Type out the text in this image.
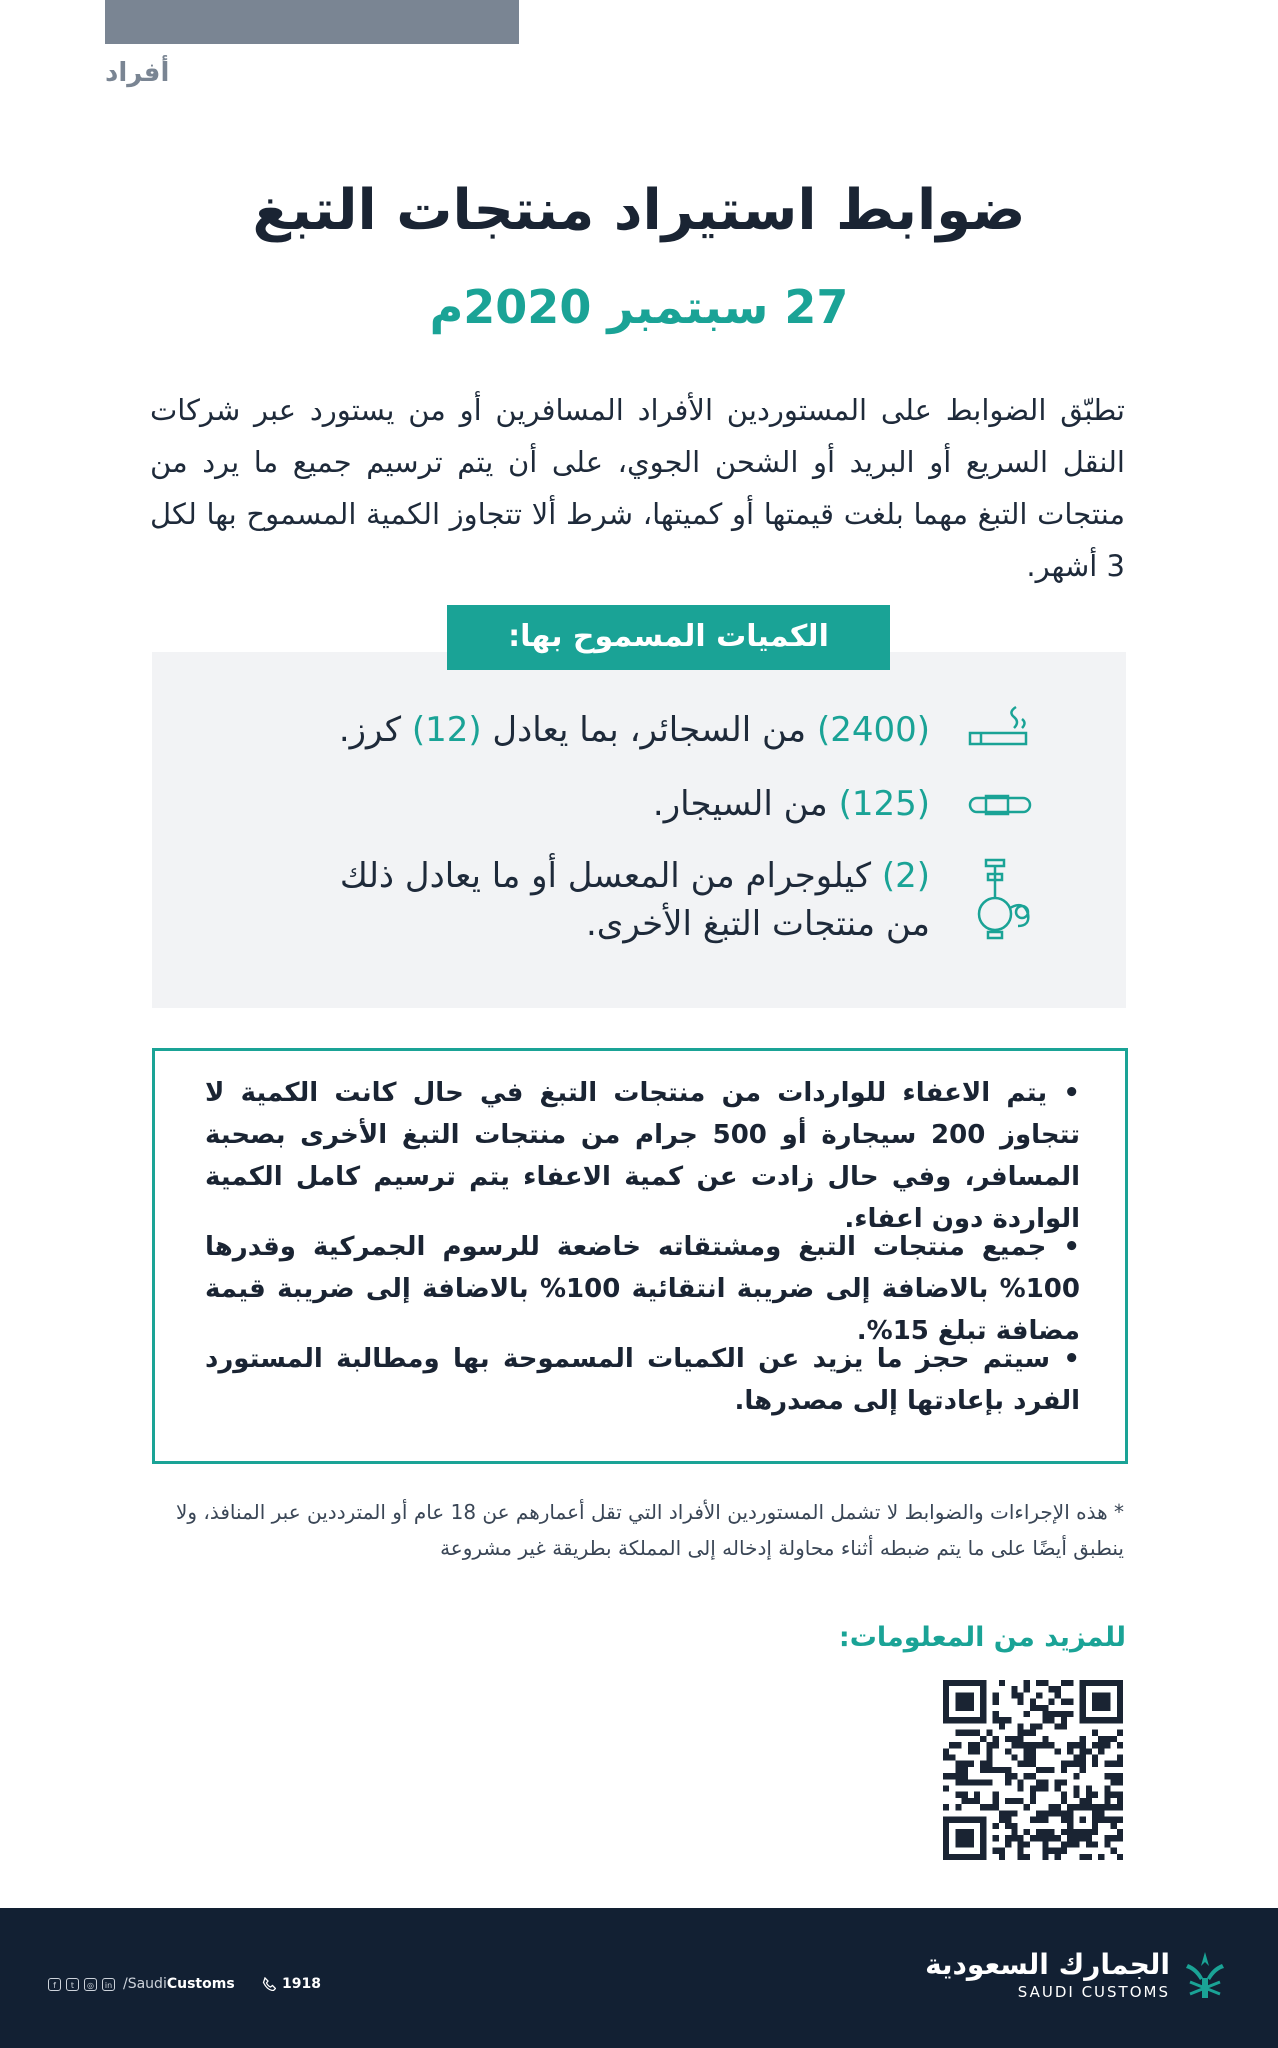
أفراد
ضوابط استيراد منتجات التبغ
27 سبتمبر 2020م
تطبّق الضوابط على المستوردين الأفراد المسافرين أو من يستورد عبر شركات النقل السريع أو البريد أو الشحن الجوي، على أن يتم ترسيم جميع ما يرد من منتجات التبغ مهما بلغت قيمتها أو كميتها، شرط ألا تتجاوز الكمية المسموح بها لكل 3 أشهر.
الكميات المسموح بها:
(2400) من السجائر، بما يعادل (12) كرز.
(125) من السيجار.
(2) كيلوجرام من المعسل أو ما يعادل ذلك من منتجات التبغ الأخرى.
• يتم الاعفاء للواردات من منتجات التبغ في حال كانت الكمية لا تتجاوز 200 سيجارة أو 500 جرام من منتجات التبغ الأخرى بصحبة المسافر، وفي حال زادت عن كمية الاعفاء يتم ترسيم كامل الكمية الواردة دون اعفاء.
• جميع منتجات التبغ ومشتقاته خاضعة للرسوم الجمركية وقدرها 100% بالاضافة إلى ضريبة انتقائية 100% بالاضافة إلى ضريبة قيمة مضافة تبلغ 15%.
• سيتم حجز ما يزيد عن الكميات المسموحة بها ومطالبة المستورد الفرد بإعادتها إلى مصدرها.
* هذه الإجراءات والضوابط لا تشمل المستوردين الأفراد التي تقل أعمارهم عن 18 عام أو المترددين عبر المنافذ، ولا ينطبق أيضًا على ما يتم ضبطه أثناء محاولة إدخاله إلى المملكة بطريقة غير مشروعة
للمزيد من المعلومات:
الجمارك السعودية
SAUDI CUSTOMS
f	t	◎	in /SaudiCustoms	1918
